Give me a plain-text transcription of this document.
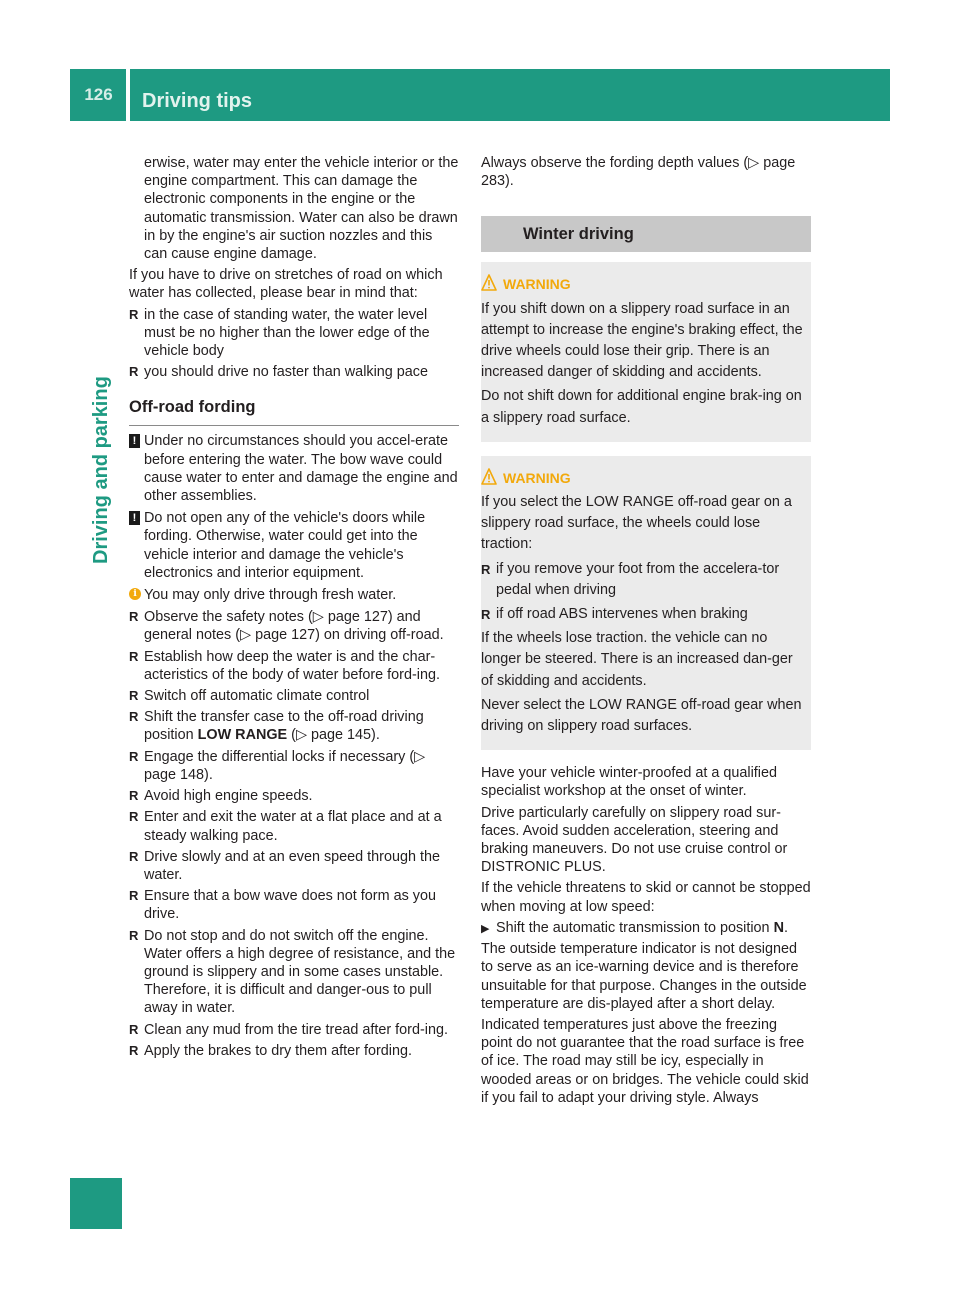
126	Driving tips
Driving and parking

erwise, water may enter the vehicle interior or the engine compartment. This can damage the electronic components in the engine or the automatic transmission. Water can also be drawn in by the engine's air suction nozzles and this can cause engine damage.

If you have to drive on stretches of road on which water has collected, please bear in mind that:

R in the case of standing water, the water level must be no higher than the lower edge of the vehicle body
R you should drive no faster than walking pace
Off-road fording
! Under no circumstances should you accel-erate before entering the water. The bow wave could cause water to enter and damage the engine and other assemblies.
! Do not open any of the vehicle's doors while fording. Otherwise, water could get into the vehicle interior and damage the vehicle's electronics and interior equipment.
i You may only drive through fresh water.
R Observe the safety notes (▷ page 127) and general notes (▷ page 127) on driving off-road.
R Establish how deep the water is and the char-acteristics of the body of water before ford-ing.
R Switch off automatic climate control
R Shift the transfer case to the off-road driving position LOW RANGE (▷ page 145).
R Engage the differential locks if necessary (▷ page 148).
R Avoid high engine speeds.
R Enter and exit the water at a flat place and at a steady walking pace.
R Drive slowly and at an even speed through the water.
R Ensure that a bow wave does not form as you drive.
R Do not stop and do not switch off the engine. Water offers a high degree of resistance, and the ground is slippery and in some cases unstable. Therefore, it is difficult and danger-ous to pull away in water.
R Clean any mud from the tire tread after ford-ing.
R Apply the brakes to dry them after fording.

Always observe the fording depth values (▷ page 283).

Winter driving
WARNING

If you shift down on a slippery road surface in an attempt to increase the engine's braking effect, the drive wheels could lose their grip. There is an increased danger of skidding and accidents.

Do not shift down for additional engine brak-ing on a slippery road surface.

WARNING

If you select the LOW RANGE off-road gear on a slippery road surface, the wheels could lose traction:

R if you remove your foot from the accelera-tor pedal when driving
R if off road ABS intervenes when braking

If the wheels lose traction. the vehicle can no longer be steered. There is an increased dan-ger of skidding and accidents.

Never select the LOW RANGE off-road gear when driving on slippery road surfaces.

Have your vehicle winter-proofed at a qualified specialist workshop at the onset of winter.

Drive particularly carefully on slippery road sur-faces. Avoid sudden acceleration, steering and braking maneuvers. Do not use cruise control or DISTRONIC PLUS.

If the vehicle threatens to skid or cannot be stopped when moving at low speed:

▶ Shift the automatic transmission to position N.

The outside temperature indicator is not designed to serve as an ice-warning device and is therefore unsuitable for that purpose. Changes in the outside temperature are dis-played after a short delay.

Indicated temperatures just above the freezing point do not guarantee that the road surface is free of ice. The road may still be icy, especially in wooded areas or on bridges. The vehicle could skid if you fail to adapt your driving style. Always
